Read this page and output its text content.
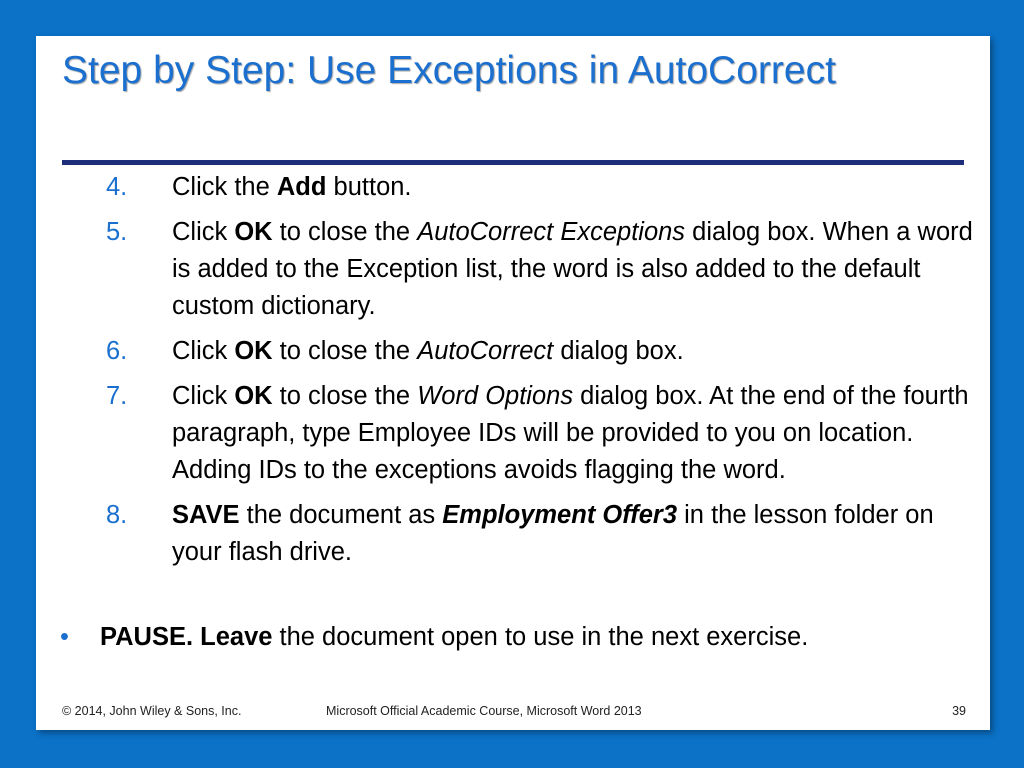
Step by Step: Use Exceptions in AutoCorrect
4. Click the Add button.
5. Click OK to close the AutoCorrect Exceptions dialog box. When a word is added to the Exception list, the word is also added to the default custom dictionary.
6. Click OK to close the AutoCorrect dialog box.
7. Click OK to close the Word Options dialog box. At the end of the fourth paragraph, type Employee IDs will be provided to you on location. Adding IDs to the exceptions avoids flagging the word.
8. SAVE the document as Employment Offer3 in the lesson folder on your flash drive.
• PAUSE. Leave the document open to use in the next exercise.
© 2014, John Wiley & Sons, Inc.	Microsoft Official Academic Course, Microsoft Word 2013	39
